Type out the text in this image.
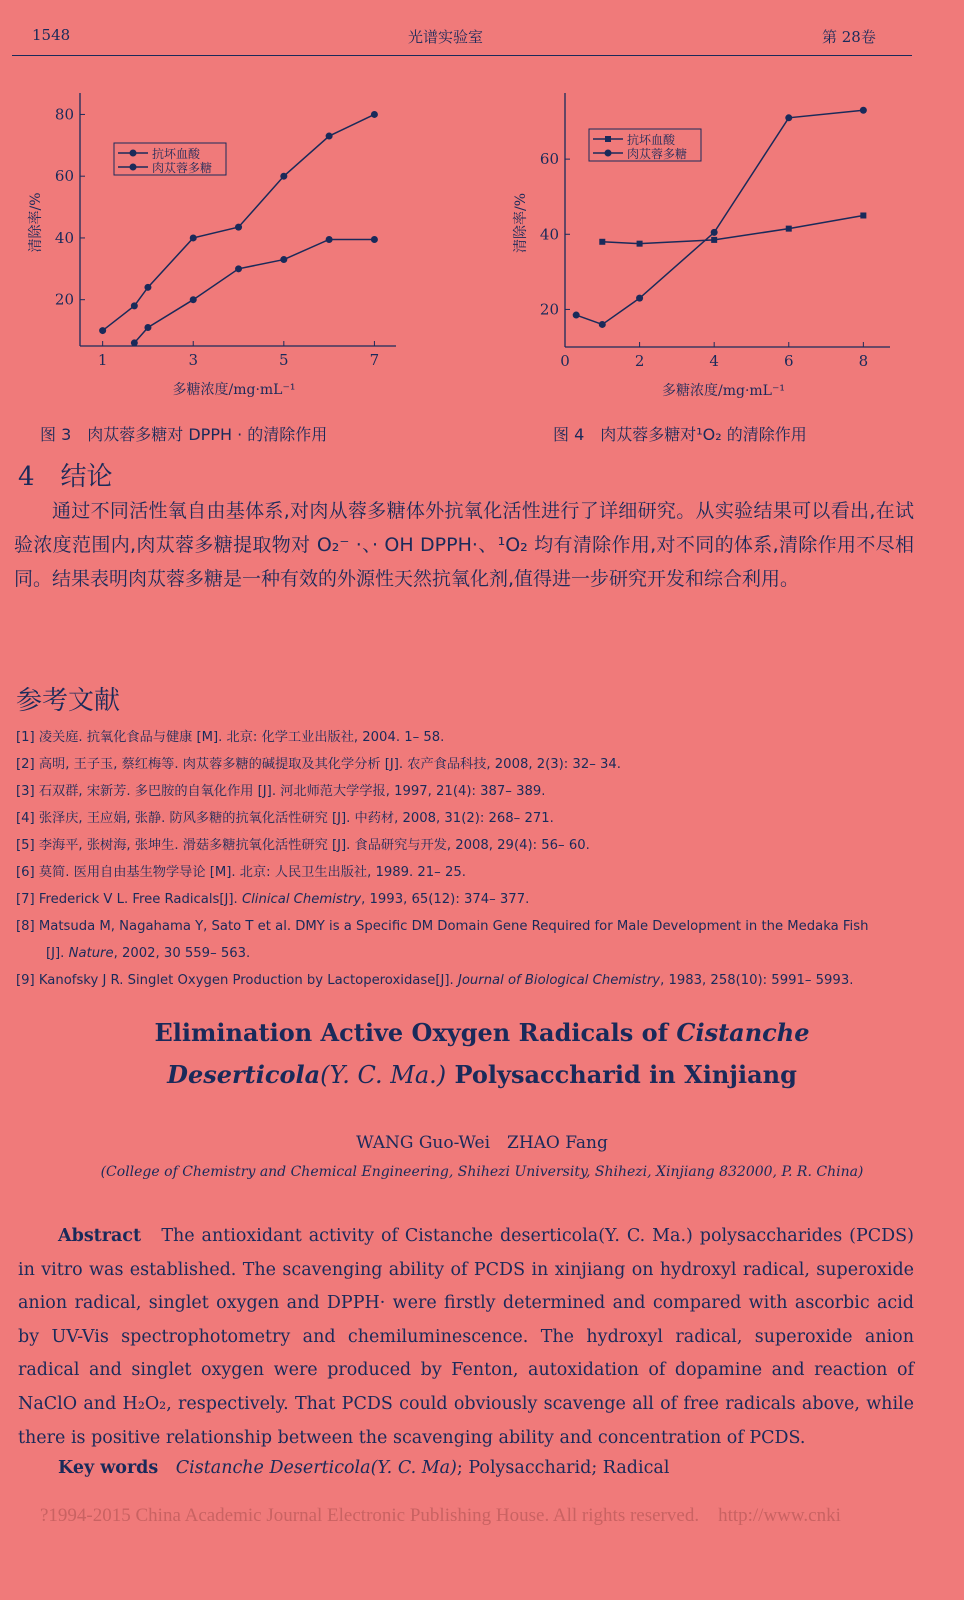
1548	光谱实验室	第 28卷
1	3	5	7
20
40
60
80
多糖浓度/mg·mL⁻¹
清除率/%
抗坏血酸
肉苁蓉多糖
0	2	4	6	8
20
40
60
多糖浓度/mg·mL⁻¹
清除率/%
抗坏血酸
肉苁蓉多糖
图 3　肉苁蓉多糖对 DPPH · 的清除作用	图 4　肉苁蓉多糖对¹O₂ 的清除作用
4　结论
通过不同活性氧自由基体系,对肉从蓉多糖体外抗氧化活性进行了详细研究。从实验结果可以看出,在试验浓度范围内,肉苁蓉多糖提取物对 O₂⁻ ·、· OH DPPH·、¹O₂ 均有清除作用,对不同的体系,清除作用不尽相同。结果表明肉苁蓉多糖是一种有效的外源性天然抗氧化剂,值得进一步研究开发和综合利用。
参考文献
[1] 凌关庭. 抗氧化食品与健康 [M]. 北京: 化学工业出版社, 2004. 1– 58.
[2] 高明, 王子玉, 蔡红梅等. 肉苁蓉多糖的碱提取及其化学分析 [J]. 农产食品科技, 2008, 2(3): 32– 34.
[3] 石双群, 宋新芳. 多巴胺的自氧化作用 [J]. 河北师范大学学报, 1997, 21(4): 387– 389.
[4] 张泽庆, 王应娟, 张静. 防风多糖的抗氧化活性研究 [J]. 中药材, 2008, 31(2): 268– 271.
[5] 李海平, 张树海, 张坤生. 滑菇多糖抗氧化活性研究 [J]. 食品研究与开发, 2008, 29(4): 56– 60.
[6] 莫简. 医用自由基生物学导论 [M]. 北京: 人民卫生出版社, 1989. 21– 25.
[7] Frederick V L. Free Radicals[J]. Clinical Chemistry, 1993, 65(12): 374– 377.
[8] Matsuda M, Nagahama Y, Sato T et al. DMY is a Specific DM Domain Gene Required for Male Development in the Medaka Fish
[J]. Nature, 2002, 30 559– 563.
[9] Kanofsky J R. Singlet Oxygen Production by Lactoperoxidase[J]. Journal of Biological Chemistry, 1983, 258(10): 5991– 5993.
Elimination Active Oxygen Radicals of Cistanche
Deserticola(Y. C. Ma.) Polysaccharid in Xinjiang
WANG Guo-Wei　ZHAO Fang
(College of Chemistry and Chemical Engineering, Shihezi University, Shihezi, Xinjiang 832000, P. R. China)
Abstract　 The antioxidant activity of Cistanche deserticola(Y. C. Ma.) polysaccharides (PCDS) in vitro was established. The scavenging ability of PCDS in xinjiang on hydroxyl radical, superoxide anion radical, singlet oxygen and DPPH· were firstly determined and compared with ascorbic acid by UV-Vis spectrophotometry and chemiluminescence. The hydroxyl radical, superoxide anion radical and singlet oxygen were produced by Fenton, autoxidation of dopamine and reaction of NaClO and H₂O₂, respectively. That PCDS could obviously scavenge all of free radicals above, while there is positive relationship between the scavenging ability and concentration of PCDS.
Key words　 Cistanche Deserticola(Y. C. Ma); Polysaccharid; Radical
?1994-2015 China Academic Journal Electronic Publishing House. All rights reserved.　http://www.cnki
